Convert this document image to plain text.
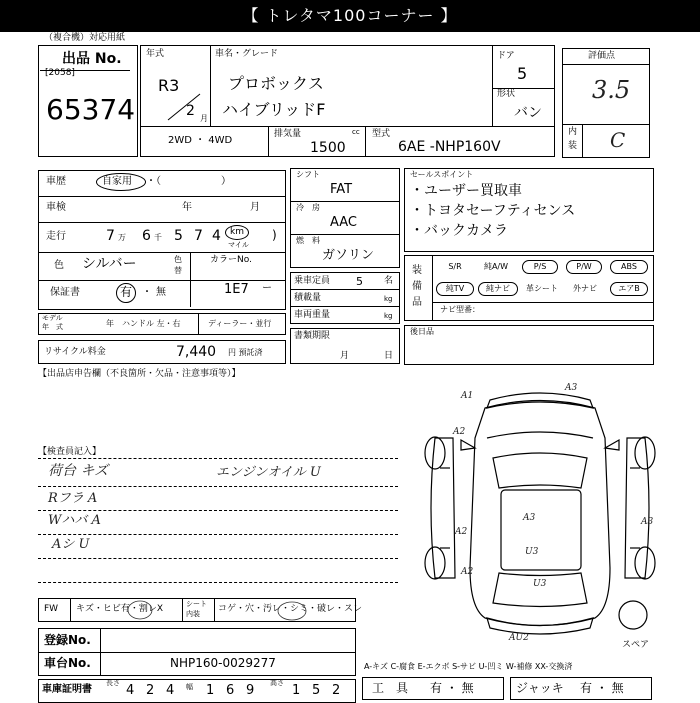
【 トレタマ100コーナー 】
（複合機）対応用紙
出品 No.
[2058]
65374
年式
R3
2 月
車名・グレード
プロボックス
ハイブリッドF
ドア
5
形状
バン
2WD ・ 4WD
排気量	cc
1500
型式
6AE -NHP160V
評価点
3.5
内
装 C
車歴	自家用 ・（　　　　　　）
車検	年	月
走行	7 万 6 千 5 7 4 km
マイル
)
色 シルバー	色
替
カラーNo.
1E7 ー
保証書	有 ・ 無
モデル
年　式	年 ハンドル 左・右	ディーラー・並行
リサイクル料金	7,440 円 預託済
シフト
FAT
冷　房
AAC
燃　料
ガソリン
乗車定員 5 名
積載量	kg
車両重量	kg
書類期限
月	日
セールスポイント
・ユーザー買取車
・トヨタセーフティセンス
・バックカメラ
装
備
品
S/R	純A/W	P/S	P/W	ABS
純TV	純ナビ	革シート	外ナビ	エアB
ナビ型番：
後日品
【出品店申告欄（不良箇所・欠品・注意事項等）】
【検査員記入】
荷台 キズ
Rフラ A
Wハバ A
Aシ U
エンジンオイル U
A1
A2
A3
A2
A3	A3
U3
A2
U3
AU2
スペア
FW キズ・ヒビ有・割レX	シート
内装 コゲ・穴・汚レ・シミ・破レ・スレ
登録No.
車台No.	NHP160-0029277
車庫証明書
長さ 4 2 4 幅 1 6 9 高さ 1 5 2
A-キズ C-腐食 E-エクボ S-サビ U-凹ミ W-補修 XX-交換済
工　具 有 ・ 無	ジャッキ 有 ・ 無
